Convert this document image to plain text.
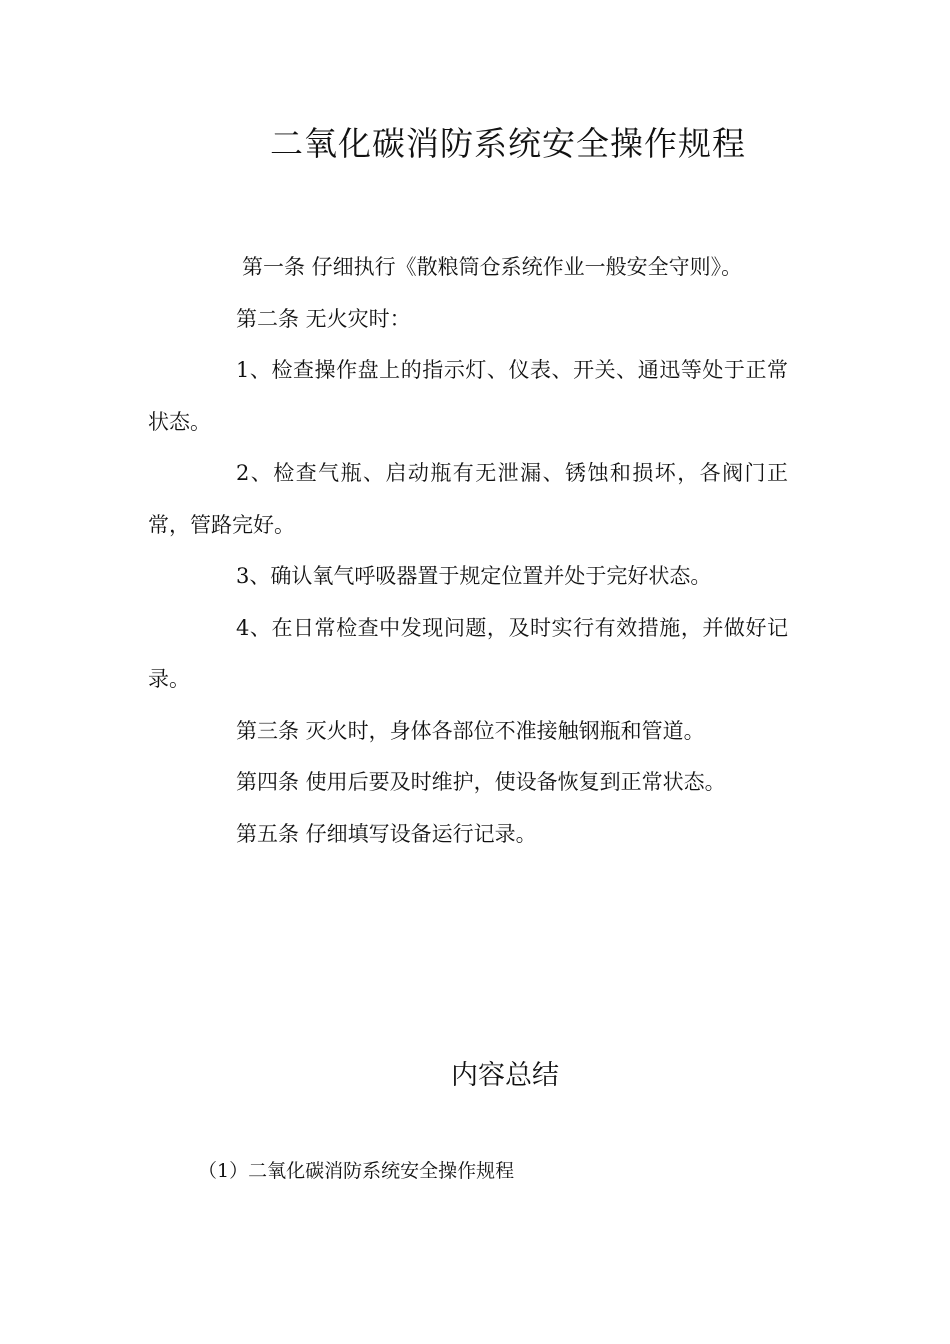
二氧化碳消防系统安全操作规程

第一条 仔细执行《散粮筒仓系统作业一般安全守则》。

第二条 无火灾时：

1、检查操作盘上的指示灯、仪表、开关、通迅等处于正常状态。

2、检查气瓶、启动瓶有无泄漏、锈蚀和损坏，各阀门正常，管路完好。

3、确认氧气呼吸器置于规定位置并处于完好状态。

4、在日常检查中发现问题，及时实行有效措施，并做好记录。

第三条 灭火时，身体各部位不准接触钢瓶和管道。

第四条 使用后要及时维护，使设备恢复到正常状态。

第五条 仔细填写设备运行记录。

内容总结

（1）二氧化碳消防系统安全操作规程
